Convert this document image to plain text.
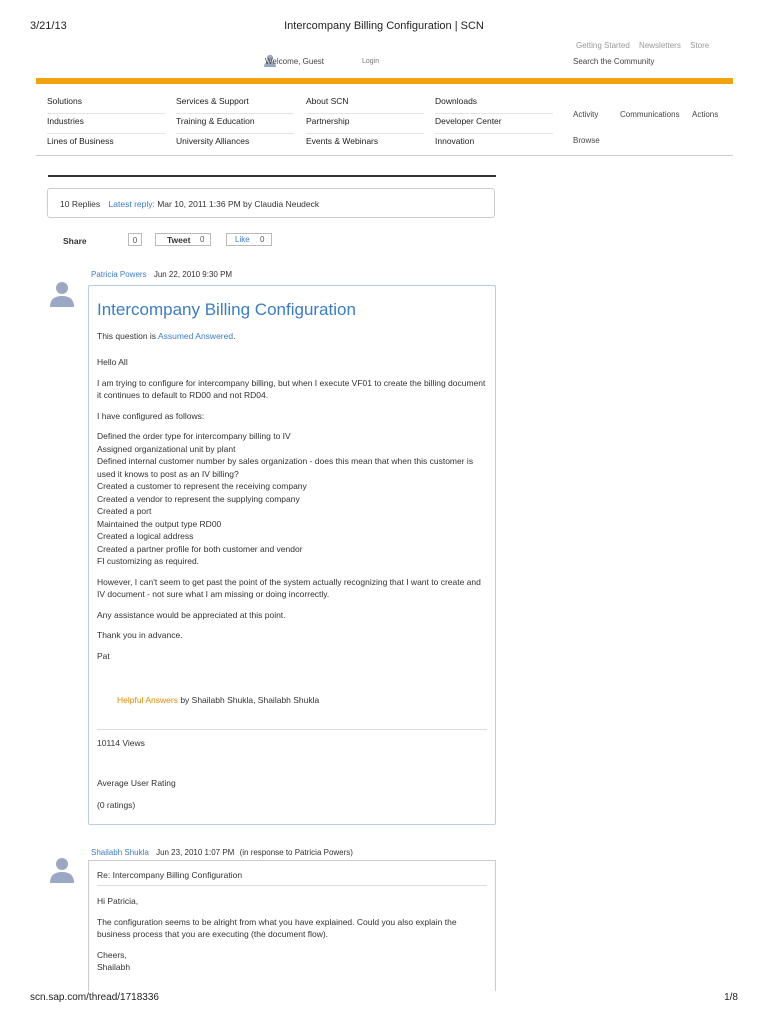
3/21/13	Intercompany Billing Configuration | SCN
Getting Started Newsletters Store
Welcome, Guest	Login	Search the Community
Solutions
Industries
Lines of Business
Services & Support
Training & Education
University Alliances
About SCN
Partnership
Events & Webinars
Downloads
Developer Center
Innovation
Activity	Communications Actions
Browse
10 Replies Latest reply: Mar 10, 2011 1:36 PM by Claudia Neudeck
Share	0	Tweet 0	Like 0
Patricia Powers Jun 22, 2010 9:30 PM
Intercompany Billing Configuration
This question is Assumed Answered.

Hello All

I am trying to configure for intercompany billing, but when I execute VF01 to create the billing document it continues to default to RD00 and not RD04.

I have configured as follows:

Defined the order type for intercompany billing to IV

Assigned organizational unit by plant

Defined internal customer number by sales organization - does this mean that when this customer is used it knows to post as an IV billing?

Created a customer to represent the receiving company

Created a vendor to represent the supplying company

Created a port

Maintained the output type RD00

Created a logical address

Created a partner profile for both customer and vendor

FI customizing as required.

However, I can't seem to get past the point of the system actually recognizing that I want to create and IV document - not sure what I am missing or doing incorrectly.

Any assistance would be appreciated at this point.

Thank you in advance.

Pat

Helpful Answers by Shailabh Shukla, Shailabh Shukla
10114 Views
Average User Rating
(0 ratings)
Shailabh Shukla Jun 23, 2010 1:07 PM (in response to Patricia Powers)
Re: Intercompany Billing Configuration

Hi Patricia,

The configuration seems to be alright from what you have explained. Could you also explain the business process that you are executing (the document flow).

Cheers,

Shailabh

scn.sap.com/thread/1718336	1/8
